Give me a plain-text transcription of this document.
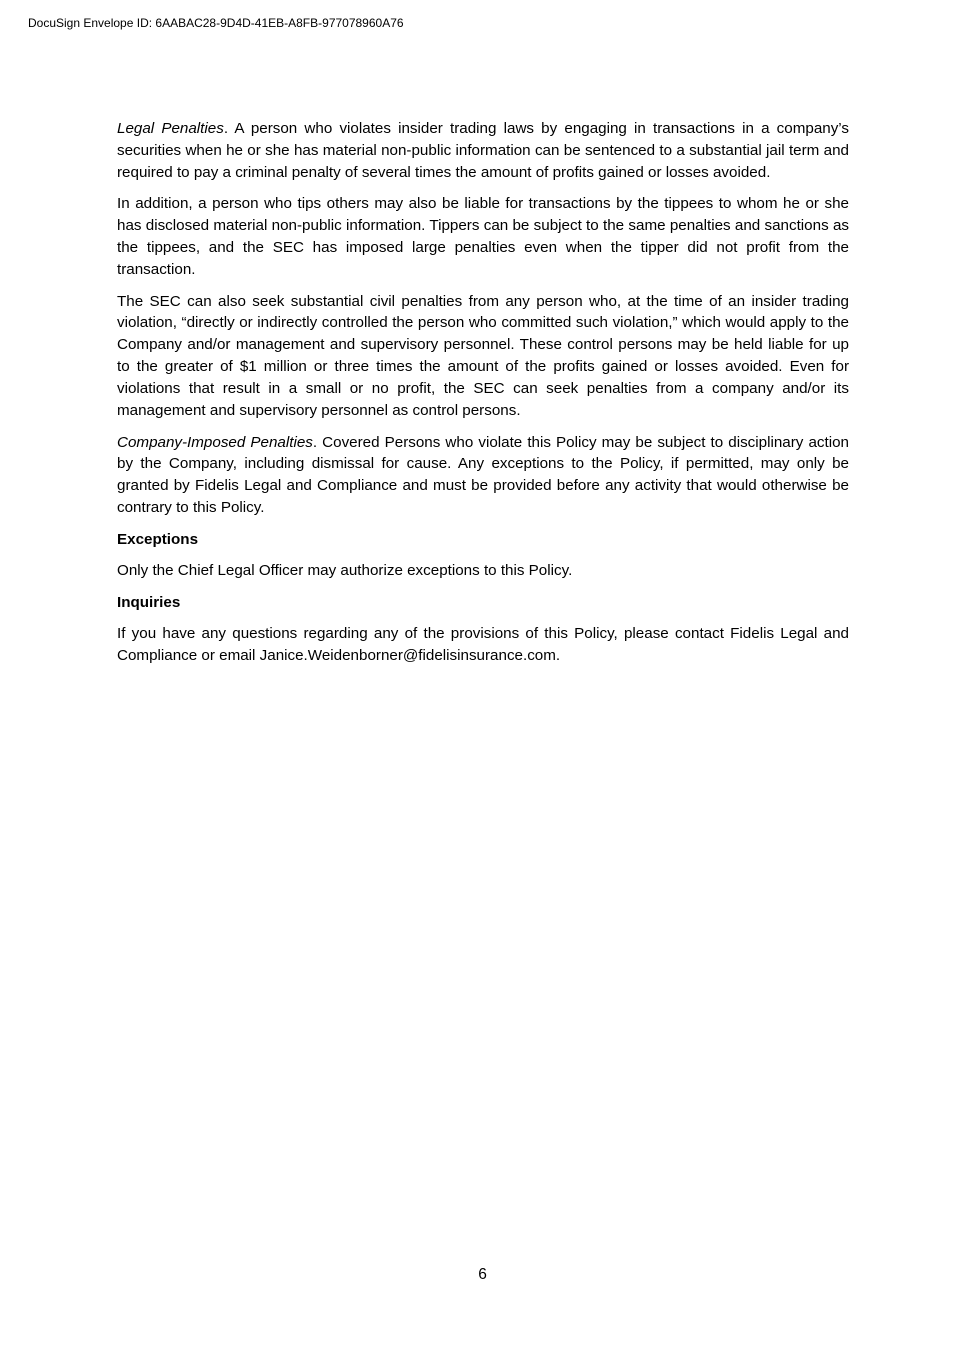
DocuSign Envelope ID: 6AABAC28-9D4D-41EB-A8FB-977078960A76

Legal Penalties. A person who violates insider trading laws by engaging in transactions in a company’s securities when he or she has material non-public information can be sentenced to a substantial jail term and required to pay a criminal penalty of several times the amount of profits gained or losses avoided.

In addition, a person who tips others may also be liable for transactions by the tippees to whom he or she has disclosed material non-public information. Tippers can be subject to the same penalties and sanctions as the tippees, and the SEC has imposed large penalties even when the tipper did not profit from the transaction.

The SEC can also seek substantial civil penalties from any person who, at the time of an insider trading violation, “directly or indirectly controlled the person who committed such violation,” which would apply to the Company and/or management and supervisory personnel. These control persons may be held liable for up to the greater of $1 million or three times the amount of the profits gained or losses avoided. Even for violations that result in a small or no profit, the SEC can seek penalties from a company and/or its management and supervisory personnel as control persons.

Company-Imposed Penalties. Covered Persons who violate this Policy may be subject to disciplinary action by the Company, including dismissal for cause. Any exceptions to the Policy, if permitted, may only be granted by Fidelis Legal and Compliance and must be provided before any activity that would otherwise be contrary to this Policy.

Exceptions

Only the Chief Legal Officer may authorize exceptions to this Policy.

Inquiries

If you have any questions regarding any of the provisions of this Policy, please contact Fidelis Legal and Compliance or email Janice.Weidenborner@fidelisinsurance.com.

6
